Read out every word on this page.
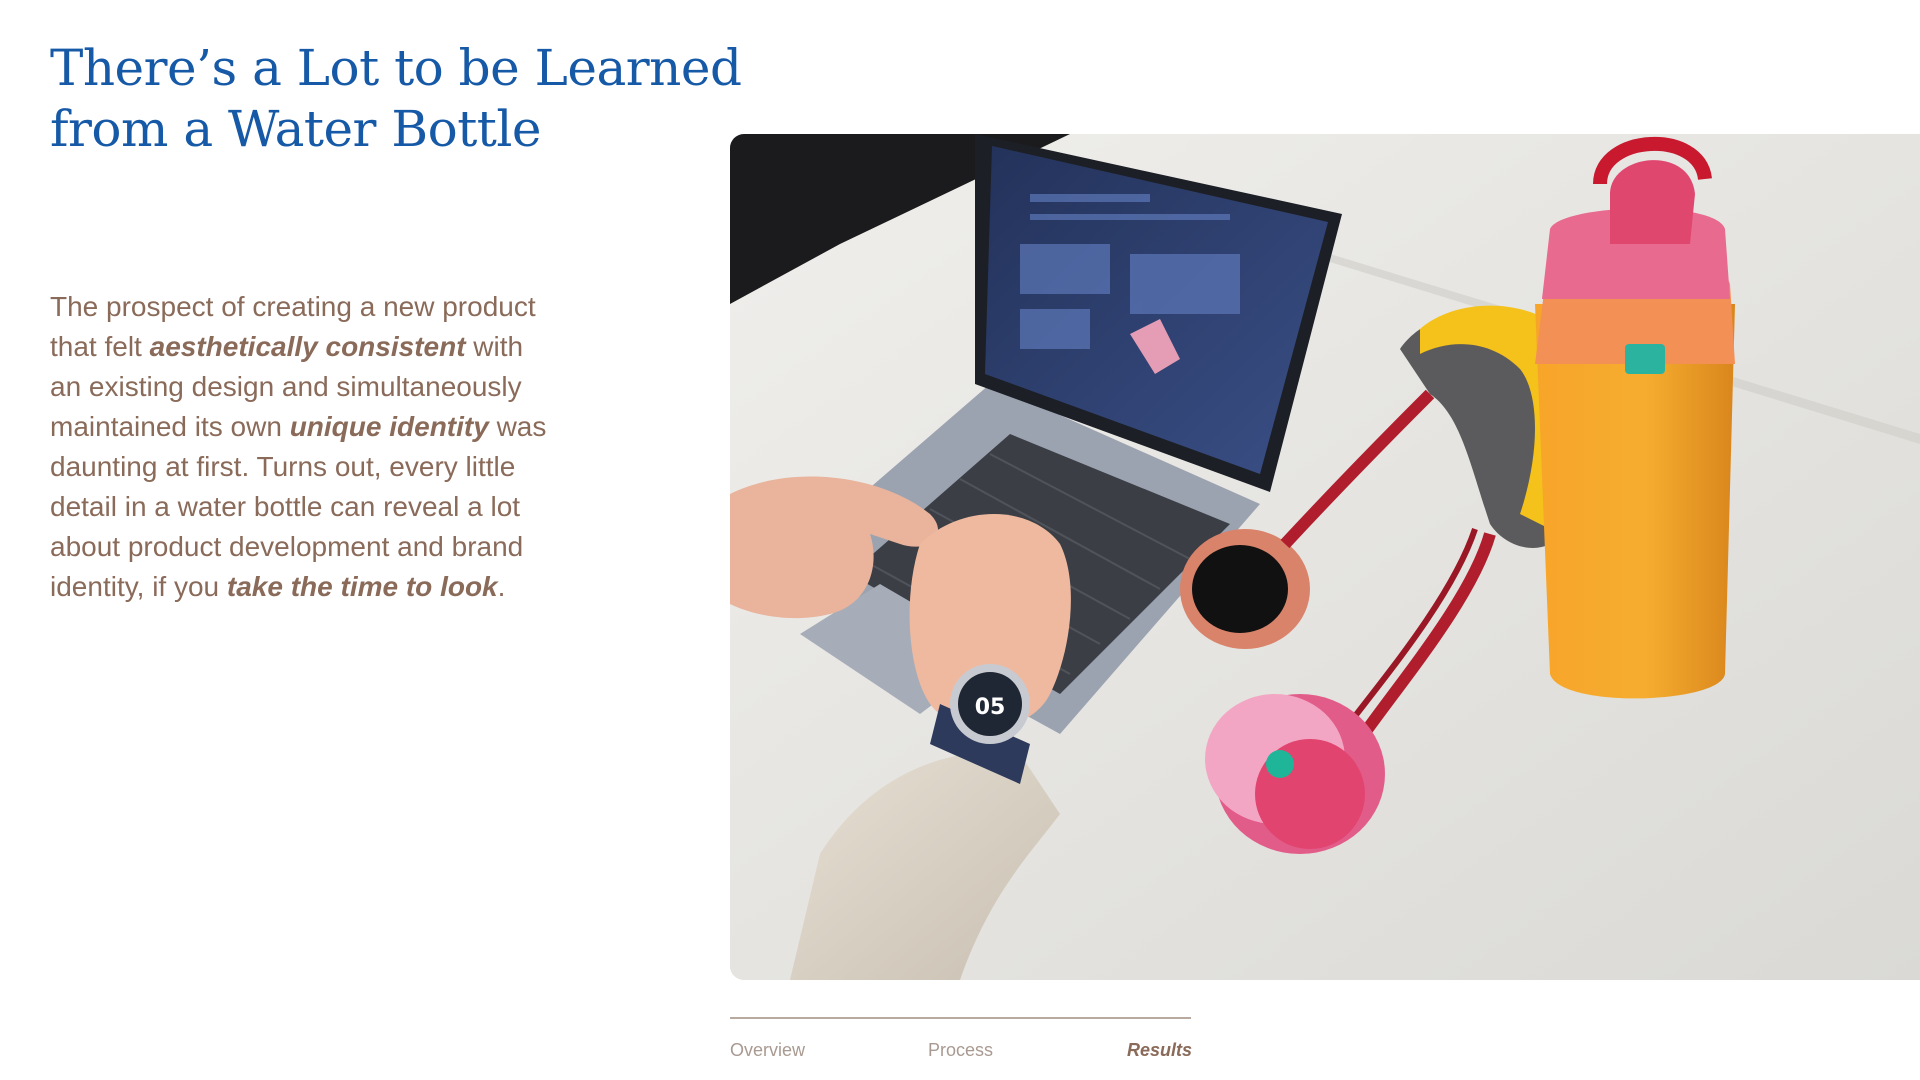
There’s a Lot to be Learned
from a Water Bottle

The prospect of creating a new product that felt aesthetically consistent with an existing design and simultaneously maintained its own unique identity was daunting at first. Turns out, every little detail in a water bottle can reveal a lot about product development and brand identity, if you take the time to look.

05
Overview	Process	Results
